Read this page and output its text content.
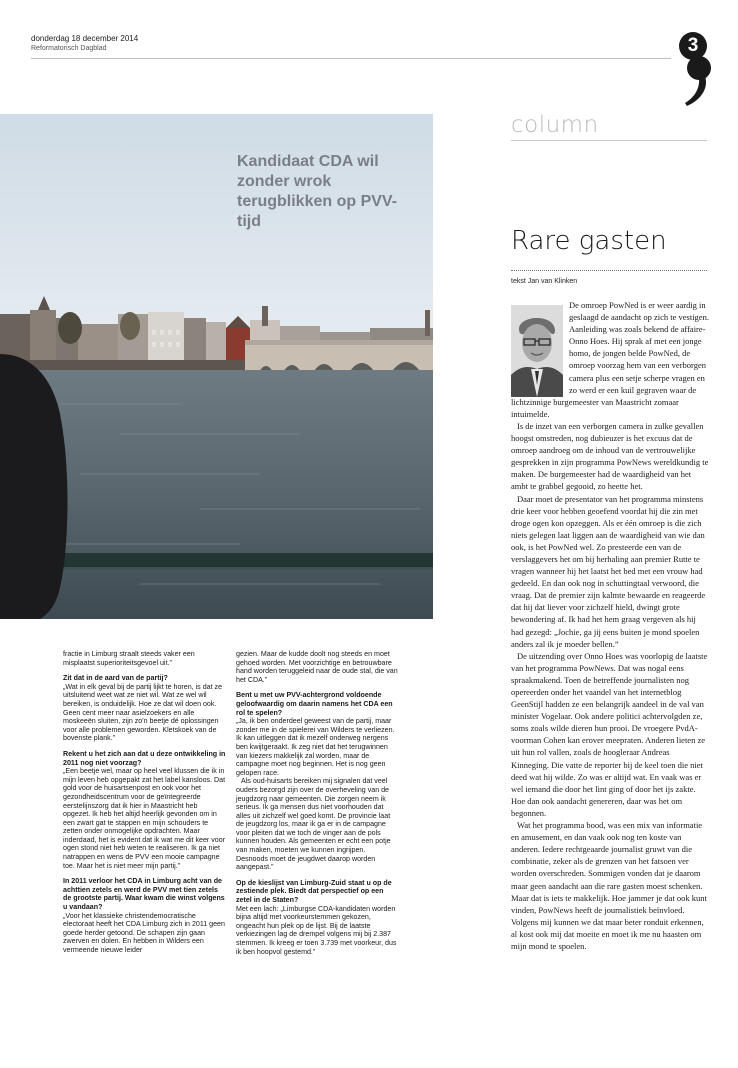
donderdag 18 december 2014
Reformatorisch Dagblad	3
Kandidaat CDA wil zonder wrok terugblikken op PVV-tijd
column
Rare gasten
tekst Jan van Klinken

De omroep PowNed is er weer aardig in geslaagd de aandacht op zich te vestigen. Aanleiding was zoals bekend de affaire-Onno Hoes. Hij sprak af met een jonge homo, de jongen belde PowNed, de omroep voorzag hem van een verborgen camera plus een setje scherpe vragen en zo werd er een kuil gegraven waar de lichtzinnige burgemeester van Maastricht zomaar intuimelde.

Is de inzet van een verborgen camera in zulke gevallen hoogst omstreden, nog dubieuzer is het excuus dat de omroep aandroeg om de inhoud van de vertrouwelijke gesprekken in zijn programma PowNews wereldkundig te maken. De burgemeester had de waardigheid van het ambt te grabbel gegooid, zo heette het.

Daar moet de presentator van het programma minstens drie keer voor hebben geoefend voordat hij die zin met droge ogen kon opzeggen. Als er één omroep is die zich niets gelegen laat liggen aan de waardigheid van wie dan ook, is het PowNed wel. Zo presteerde een van de verslaggevers het om bij herhaling aan premier Rutte te vragen wanneer hij het laatst het bed met een vrouw had gedeeld. En dan ook nog in schuttingtaal verwoord, die vraag. Dat de premier zijn kalmte bewaarde en reageerde dat hij dat liever voor zichzelf hield, dwingt grote bewondering af. Ik had het hem graag vergeven als hij had gezegd: „Jochie, ga jij eens buiten je mond spoelen anders zal ik je moeder bellen.”

De uitzending over Onno Hoes was voorlopig de laatste van het programma PowNews. Dat was nogal eens spraakmakend. Toen de betreffende journalisten nog opereerden onder het vaandel van het internetblog GeenStijl hadden ze een belangrijk aandeel in de val van minister Vogelaar. Ook andere politici achtervolgden ze, soms zoals wilde dieren hun prooi. De vroegere PvdA-voorman Cohen kan erover meepraten. Anderen lieten ze uit hun rol vallen, zoals de hoogleraar Andreas Kinneging. Die vatte de reporter bij de keel toen die niet deed wat hij wilde. Zo was er altijd wat. En vaak was er wel iemand die door het lint ging of door het ijs zakte. Hoe dan ook aandacht genereren, daar was het om begonnen.

Wat het programma bood, was een mix van informatie en amusement, en dan vaak ook nog ten koste van anderen. Iedere rechtgeaarde journalist gruwt van die combinatie, zeker als de grenzen van het fatsoen ver worden overschreden. Sommigen vonden dat je daarom maar geen aandacht aan die rare gasten moest schenken. Maar dat is iets te makkelijk. Hoe jammer je dat ook kunt vinden, PowNews heeft de journalistiek beïnvloed. Volgens mij kunnen we dat maar beter ronduit erkennen, al kost ook mij dat moeite en moet ik me nu haasten om mijn mond te spoelen.

fractie in Limburg straalt steeds vaker een misplaatst superioriteitsgevoel uit.”

Zit dat in de aard van de partij?

„Wat in elk geval bij de partij lijkt te horen, is dat ze uitsluitend weet wat ze niet wil. Wat ze wel wil bereiken, is onduidelijk. Hoe ze dat wil doen ook. Geen cent meer naar asielzoekers en alle moskeeën sluiten, zijn zo'n beetje dé oplossingen voor alle problemen geworden. Kletskoek van de bovenste plank.”

Rekent u het zich aan dat u deze ontwikkeling in 2011 nog niet voorzag?

„Een beetje wel, maar op heel veel klussen die ik in mijn leven heb opgepakt zat het label kansloos. Dat gold voor de huisartsenpost en ook voor het gezondheidscentrum voor de geïntegreerde eerstelijnszorg dat ik hier in Maastricht heb opgezet. Ik heb het altijd heerlijk gevonden om in een zwart gat te stappen en mijn schouders te zetten onder onmogelijke opdrachten. Maar inderdaad, het is evident dat ik wat me dit keer voor ogen stond niet heb weten te realiseren. Ik ga niet natrappen en wens de PVV een mooie campagne toe. Maar het is niet meer mijn partij.”

In 2011 verloor het CDA in Limburg acht van de achttien zetels en werd de PVV met tien zetels de grootste partij. Waar kwam die winst volgens u vandaan?

„Voor het klassieke christendemocratische electoraat heeft het CDA Limburg zich in 2011 geen goede herder getoond. De schapen zijn gaan zwerven en dolen. En hebben in Wilders een vermeende nieuwe leider

gezien. Maar de kudde doolt nog steeds en moet gehoed worden. Met voorzichtige en betrouwbare hand worden teruggeleid naar de oude stal, die van het CDA.”

Bent u met uw PVV-achtergrond voldoende geloofwaardig om daarin namens het CDA een rol te spelen?

„Ja, ik ben onderdeel geweest van de partij, maar zonder me in de spielerei van Wilders te verliezen. Ik kan uitleggen dat ik mezelf onderweg nergens ben kwijtgeraakt. Ik zeg niet dat het terugwinnen van kiezers makkelijk zal worden, maar de campagne moet nog beginnen. Het is nog geen gelopen race.

Als oud-huisarts bereiken mij signalen dat veel ouders bezorgd zijn over de overheveling van de jeugdzorg naar gemeenten. Die zorgen neem ik serieus. Ik ga mensen dus niet voorhouden dat alles uit zichzelf wel goed komt. De provincie laat de jeugdzorg los, maar ik ga er in de campagne voor pleiten dat we toch de vinger aan de pols kunnen houden. Als gemeenten er echt een potje van maken, moeten we kunnen ingrijpen. Desnoods moet de jeugdwet daarop worden aangepast.”

Op de kieslijst van Limburg-Zuid staat u op de zestiende plek. Biedt dat perspectief op een zetel in de Staten?

Met een lach: „Limburgse CDA-kandidaten worden bijna altijd met voorkeurstemmen gekozen, ongeacht hun plek op de lijst. Bij de laatste verkiezingen lag de drempel volgens mij bij 2.387 stemmen. Ik kreeg er toen 3.739 met voorkeur, dus ik ben hoopvol gestemd.”
